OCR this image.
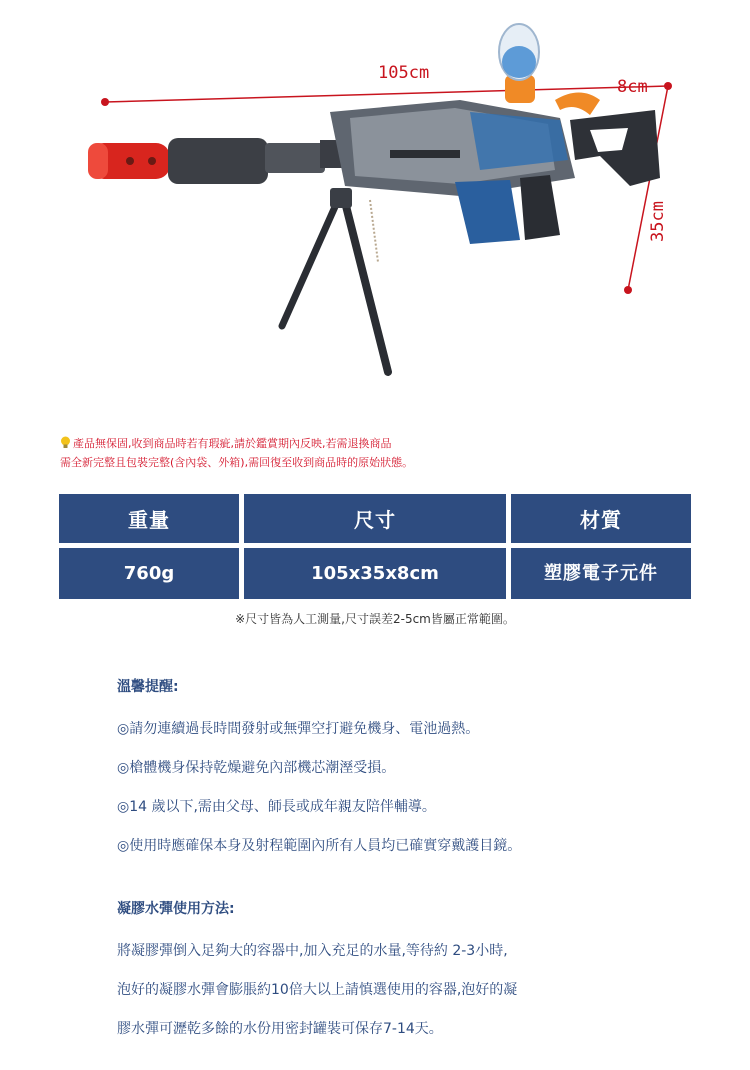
105cm
8cm
35cm
產品無保固,收到商品時若有瑕疵,請於鑑賞期內反映,若需退換商品
需全新完整且包裝完整(含內袋、外箱),需回復至收到商品時的原始狀態。
重量	尺寸	材質
760g	105x35x8cm	塑膠 電子元件
※尺寸皆為人工測量,尺寸誤差2-5cm皆屬正常範圍。
溫馨提醒:
◎請勿連續過長時間發射或無彈空打避免機身、電池過熱。
◎槍體機身保持乾燥避免內部機芯潮溼受損。
◎14 歲以下,需由父母、師長或成年親友陪伴輔導。
◎使用時應確保本身及射程範圍內所有人員均已確實穿戴護目鏡。
凝膠水彈使用方法:
將凝膠彈倒入足夠大的容器中,加入充足的水量,等待約 2-3小時,
泡好的凝膠水彈會膨脹約10倍大以上請慎選使用的容器,泡好的凝
膠水彈可瀝乾多餘的水份用密封罐裝可保存7-14天。
